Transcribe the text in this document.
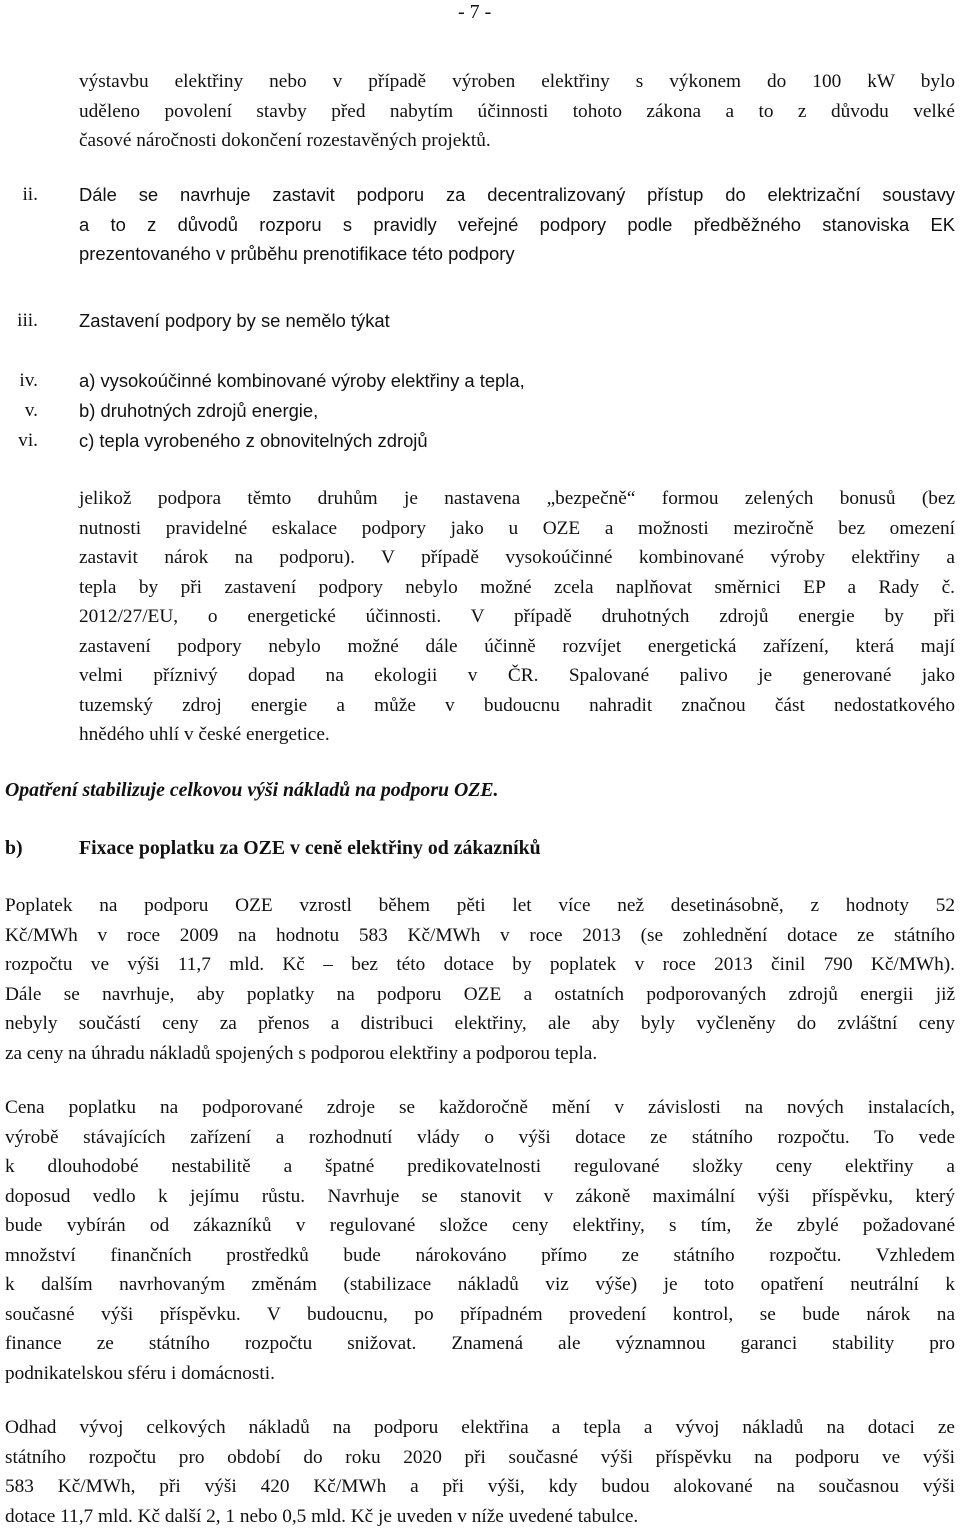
- 7 -
výstavbu elektřiny nebo v případě výroben elektřiny s výkonem do 100 kW bylo
uděleno povolení stavby před nabytím účinnosti tohoto zákona a to z důvodu velké
časové náročnosti dokončení rozestavěných projektů.
ii. Dále se navrhuje zastavit podporu za decentralizovaný přístup do elektrizační soustavy
a to z důvodů rozporu s pravidly veřejné podpory podle předběžného stanoviska EK
prezentovaného v průběhu prenotifikace této podpory
iii. Zastavení podpory by se nemělo týkat
iv. a) vysokoúčinné kombinované výroby elektřiny a tepla,
v. b) druhotných zdrojů energie,
vi. c) tepla vyrobeného z obnovitelných zdrojů
jelikož podpora těmto druhům je nastavena „bezpečně“ formou zelených bonusů (bez
nutnosti pravidelné eskalace podpory jako u OZE a možnosti meziročně bez omezení
zastavit nárok na podporu). V případě vysokoúčinné kombinované výroby elektřiny a
tepla by při zastavení podpory nebylo možné zcela naplňovat směrnici EP a Rady č.
2012/27/EU, o energetické účinnosti. V případě druhotných zdrojů energie by při
zastavení podpory nebylo možné dále účinně rozvíjet energetická zařízení, která mají
velmi příznivý dopad na ekologii v ČR. Spalované palivo je generované jako
tuzemský zdroj energie a může v budoucnu nahradit značnou část nedostatkového
hnědého uhlí v české energetice.
Opatření stabilizuje celkovou výši nákladů na podporu OZE.
b)	Fixace poplatku za OZE v ceně elektřiny od zákazníků
Poplatek na podporu OZE vzrostl během pěti let více než desetinásobně, z hodnoty 52
Kč/MWh v roce 2009 na hodnotu 583 Kč/MWh v roce 2013 (se zohlednění dotace ze státního
rozpočtu ve výši 11,7 mld. Kč – bez této dotace by poplatek v roce 2013 činil 790 Kč/MWh).
Dále se navrhuje, aby poplatky na podporu OZE a ostatních podporovaných zdrojů energii již
nebyly součástí ceny za přenos a distribuci elektřiny, ale aby byly vyčleněny do zvláštní ceny
za ceny na úhradu nákladů spojených s podporou elektřiny a podporou tepla.
Cena poplatku na podporované zdroje se každoročně mění v závislosti na nových instalacích,
výrobě stávajících zařízení a rozhodnutí vlády o výši dotace ze státního rozpočtu. To vede
k dlouhodobé nestabilitě a špatné predikovatelnosti regulované složky ceny elektřiny a
doposud vedlo k jejímu růstu. Navrhuje se stanovit v zákoně maximální výši příspěvku, který
bude vybírán od zákazníků v regulované složce ceny elektřiny, s tím, že zbylé požadované
množství finančních prostředků bude nárokováno přímo ze státního rozpočtu. Vzhledem
k dalším navrhovaným změnám (stabilizace nákladů viz výše) je toto opatření neutrální k
současné výši příspěvku. V budoucnu, po případném provedení kontrol, se bude nárok na
finance ze státního rozpočtu snižovat. Znamená ale významnou garanci stability pro
podnikatelskou sféru i domácnosti.
Odhad vývoj celkových nákladů na podporu elektřina a tepla a vývoj nákladů na dotaci ze
státního rozpočtu pro období do roku 2020 při současné výši příspěvku na podporu ve výši
583 Kč/MWh, při výši 420 Kč/MWh a při výši, kdy budou alokované na současnou výši
dotace 11,7 mld. Kč další 2, 1 nebo 0,5 mld. Kč je uveden v níže uvedené tabulce.
